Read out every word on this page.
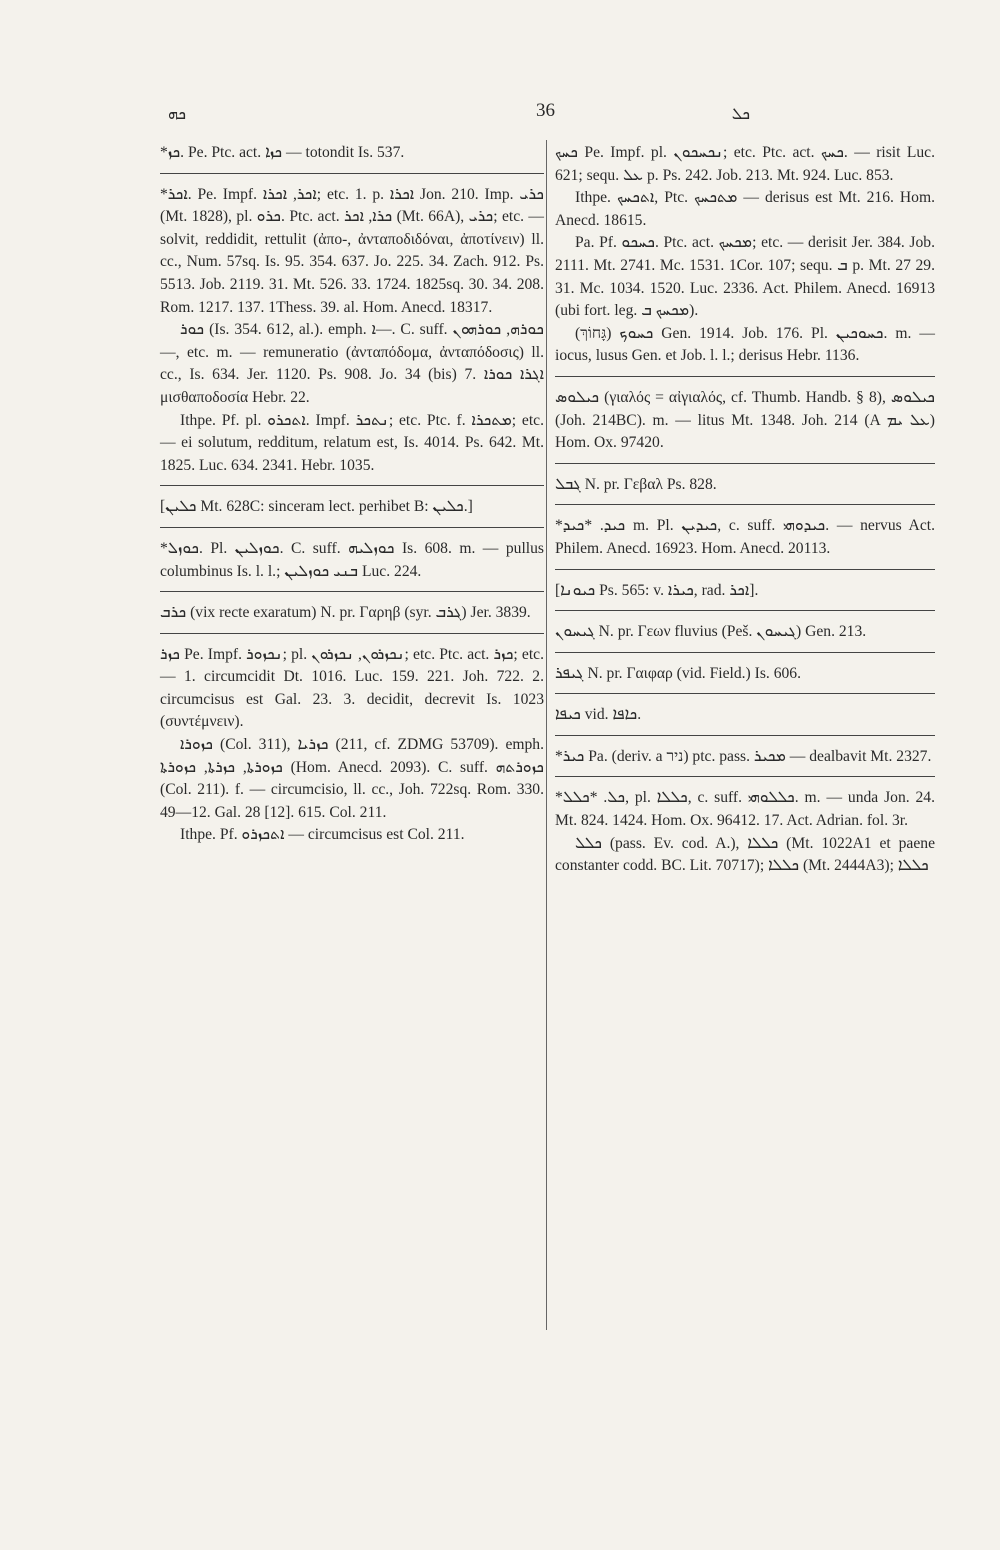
ܟܗ	36	ܟܠ

*ܟܙ. Pe. Ptc. act. ܟܙܐ — totondit Is. 537.

*ܐܟܪ. Pe. Impf. ܐܟܪ, ܐܟܪܐ; etc. 1. p. ܐܟܪܐ Jon. 210. Imp. ܟܪܝ (Mt. 1828), pl. ܟܪܘ. Ptc. act. ܟܪܐ, ܐܟܪ (Mt. 66A), ܟܪܝ; etc. — solvit, reddidit, rettulit (ἀπο-, ἀνταποδιδόναι, ἀποτίνειν) ll. cc., Num. 57sq. Is. 95. 354. 637. Jo. 225. 34. Zach. 912. Ps. 5513. Job. 2119. 31. Mt. 526. 33. 1724. 1825sq. 30. 34. 208. Rom. 1217. 137. 1Thess. 39. al. Hom. Anecd. 18317.

ܟܘܪ (Is. 354. 612, al.). emph. ܐ—. C. suff. ܟܘܪܗ, ܟܘܪܗܘܢ—, etc. m. — remuneratio (ἀνταπόδομα, ἀνταπόδοσις) ll. cc., Is. 634. Jer. 1120. Ps. 908. Jo. 34 (bis) 7. ܐܓܪܐ ܟܘܪܐ μισθαποδοσία Hebr. 22.

Ithpe. Pf. pl. ܐܬܟܪܘ. Impf. ܢܬܟܪ; etc. Ptc. f. ܡܬܟܪܐ; etc. — ei solutum, redditum, relatum est, Is. 4014. Ps. 642. Mt. 1825. Luc. 634. 2341. Hebr. 1035.

[ܟܠܝܢ Mt. 628C: sinceram lect. perhibet B: ܟܠܝܢ.]

*ܟܘܙܠ. Pl. ܟܘܙܠܝܢ. C. suff. ܟܘܙܠܝܗ Is. 608. m. — pullus columbinus Is. l. l.; ܒܢܝ ܟܘܙܠܝܢ Luc. 224.

ܟܪܒ (vix recte exaratum) N. pr. Γαρηβ (syr. ܓܪܒ) Jer. 3839.

ܟܙܪ Pe. Impf. ܢܟܙܘܪ; pl. ܢܟܙܪܘܢ, ܢܟܙܪܘܢ; etc. Ptc. act. ܟܙܪ; etc. — 1. circumcidit Dt. 1016. Luc. 159. 221. Joh. 722. 2. circumcisus est Gal. 23. 3. decidit, decrevit Is. 1023 (συντέμνειν).

ܟܙܘܪܐ (Col. 311), ܟܙܪܝܐ (211, cf. ZDMG 53709). emph. ܟܙܘܪܬܐ, ܟܙܪܬܐ, ܟܙܘܪܬܐ (Hom. Anecd. 2093). C. suff. ܟܙܘܪܬܗ (Col. 211). f. — circumcisio, ll. cc., Joh. 722sq. Rom. 330. 49—12. Gal. 28 [12]. 615. Col. 211.

Ithpe. Pf. ܐܬܟܙܪܘ — circumcisus est Col. 211.

ܟܚܟ Pe. Impf. pl. ܢܟܚܟܘܢ; etc. Ptc. act. ܟܚܟ. — risit Luc. 621; sequ. ܥܠ p. Ps. 242. Job. 213. Mt. 924. Luc. 853.

Ithpe. ܐܬܟܚܟ, Ptc. ܡܬܟܚܟ — derisus est Mt. 216. Hom. Anecd. 18615.

Pa. Pf. ܟܚܟܘ. Ptc. act. ܡܟܚܟ; etc. — derisit Jer. 384. Job. 2111. Mt. 2741. Mc. 1531. 1Cor. 107; sequ. ܒ p. Mt. 27 29. 31. Mc. 1034. 1520. Luc. 2336. Act. Philem. Anecd. 16913 (ubi fort. leg. ܡܟܚܟ ܒ).

ܟܚܘܟ (גָּחוֹךְ) Gen. 1914. Job. 176. Pl. ܟܚܘܟܝܢ. m. — iocus, lusus Gen. et Job. l. l.; derisus Hebr. 1136.

ܟܝܠܘܣ (γιαλός = αἰγιαλός, cf. Thumb. Handb. § 8), ܟܝܠܘܣ (Joh. 214BC). m. — litus Mt. 1348. Joh. 214 (A ܥܠ ܝܡ) Hom. Ox. 97420.

ܓܒܠ N. pr. Γεβαλ Ps. 828.

*ܟܝܕ. *ܟܝܕ m. Pl. ܟܝܕܝܢ, c. suff. ܟܝܕܘܗܝ. — nervus Act. Philem. Anecd. 16923. Hom. Anecd. 20113.

[ܟܝܘܢܐ Ps. 565: v. ܟܝܪܐ, rad. ܐܟܪ].

ܓܝܚܘܢ N. pr. Γεων fluvius (Peš. ܓܝܚܘܢ) Gen. 213.

ܓܝܦܪ N. pr. Γαιφαρ (vid. Field.) Is. 606.

ܟܝܦܐ vid. ܟܐܦܐ.

*ܟܝܪ Pa. (deriv. a ניר) ptc. pass. ܡܟܝܪ — dealbavit Mt. 2327.

*ܟܠ. *ܟܠܠ, pl. ܟܠܠܐ, c. suff. ܟܠܠܘܗܝ. m. — unda Jon. 24. Mt. 824. 1424. Hom. Ox. 96412. 17. Act. Adrian. fol. 3r.

ܟܠܠ (pass. Ev. cod. A.), ܟܠܠܐ (Mt. 1022A1 et paene constanter codd. BC. Lit. 70717); ܟܠܠܐ (Mt. 2444A3); ܟܠܠܐ
